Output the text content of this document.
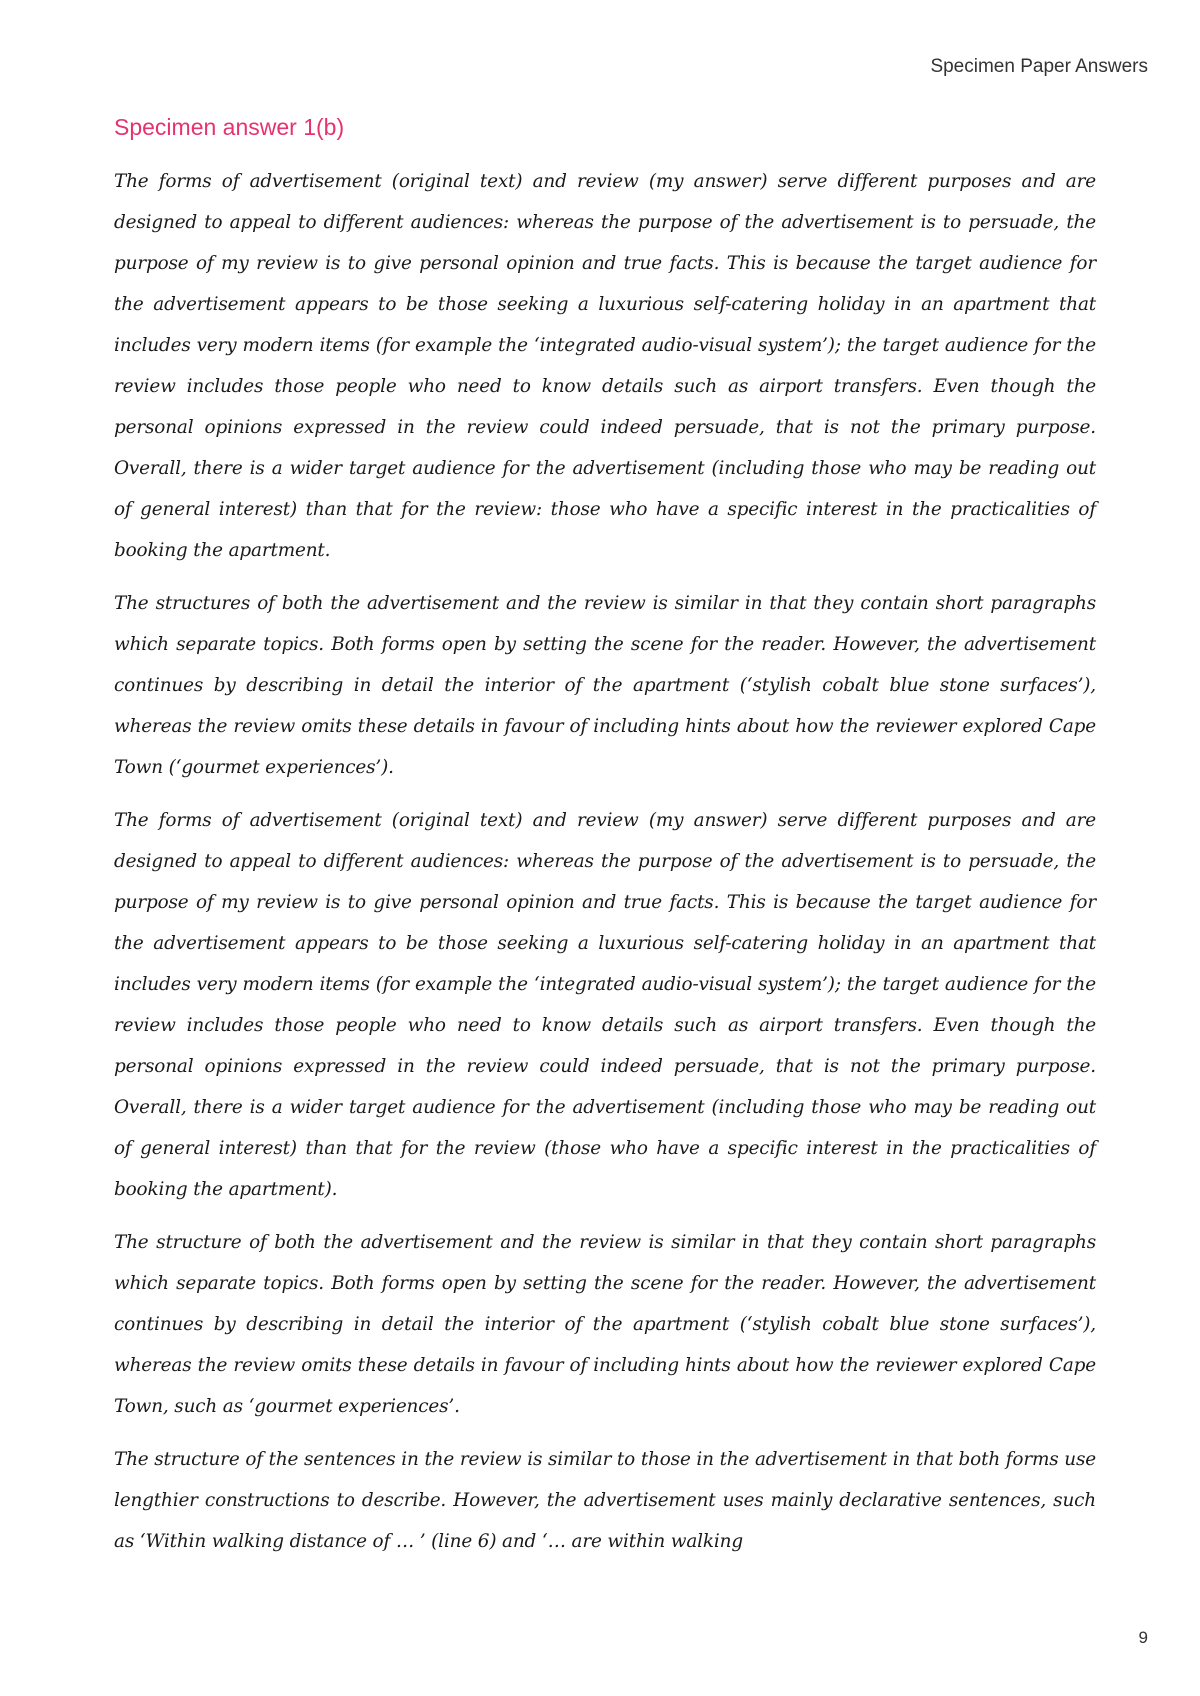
Specimen Paper Answers

Specimen answer 1(b)

The forms of advertisement (original text) and review (my answer) serve different purposes and are designed to appeal to different audiences: whereas the purpose of the advertisement is to persuade, the purpose of my review is to give personal opinion and true facts. This is because the target audience for the advertisement appears to be those seeking a luxurious self-catering holiday in an apartment that includes very modern items (for example the ‘integrated audio-visual system’); the target audience for the review includes those people who need to know details such as airport transfers. Even though the personal opinions expressed in the review could indeed persuade, that is not the primary purpose. Overall, there is a wider target audience for the advertisement (including those who may be reading out of general interest) than that for the review: those who have a specific interest in the practicalities of booking the apartment.

The structures of both the advertisement and the review is similar in that they contain short paragraphs which separate topics. Both forms open by setting the scene for the reader. However, the advertisement continues by describing in detail the interior of the apartment (‘stylish cobalt blue stone surfaces’), whereas the review omits these details in favour of including hints about how the reviewer explored Cape Town (‘gourmet experiences’).

The forms of advertisement (original text) and review (my answer) serve different purposes and are designed to appeal to different audiences: whereas the purpose of the advertisement is to persuade, the purpose of my review is to give personal opinion and true facts. This is because the target audience for the advertisement appears to be those seeking a luxurious self-catering holiday in an apartment that includes very modern items (for example the ‘integrated audio-visual system’); the target audience for the review includes those people who need to know details such as airport transfers. Even though the personal opinions expressed in the review could indeed persuade, that is not the primary purpose. Overall, there is a wider target audience for the advertisement (including those who may be reading out of general interest) than that for the review (those who have a specific interest in the practicalities of booking the apartment).

The structure of both the advertisement and the review is similar in that they contain short paragraphs which separate topics. Both forms open by setting the scene for the reader. However, the advertisement continues by describing in detail the interior of the apartment (‘stylish cobalt blue stone surfaces’), whereas the review omits these details in favour of including hints about how the reviewer explored Cape Town, such as ‘gourmet experiences’.

The structure of the sentences in the review is similar to those in the advertisement in that both forms use lengthier constructions to describe. However, the advertisement uses mainly declarative sentences, such as ‘Within walking distance of … ’ (line 6) and ‘… are within walking

9
